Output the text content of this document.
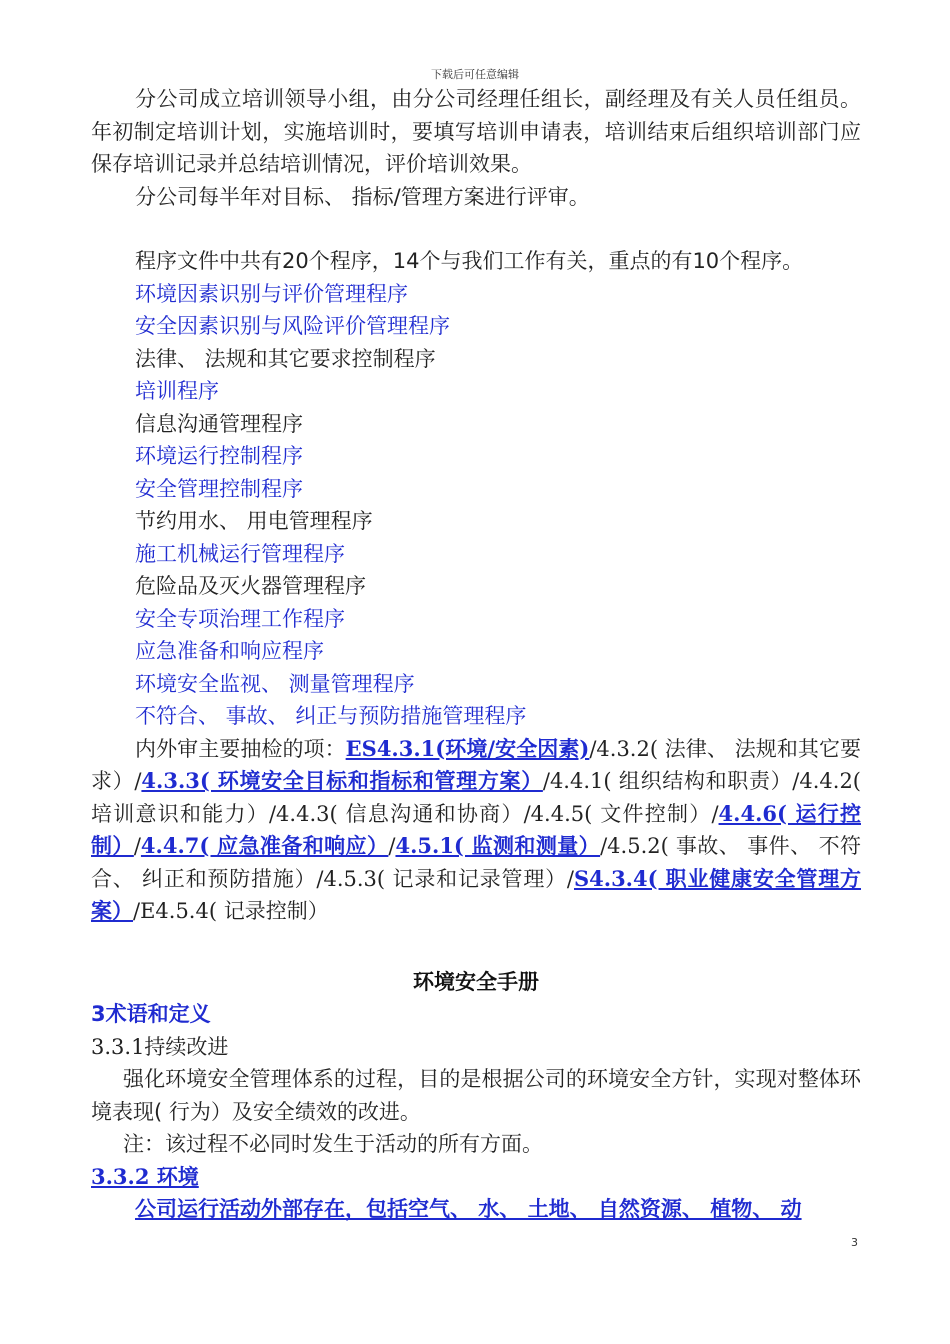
下载后可任意编辑

分公司成立培训领导小组，由分公司经理任组长，副经理及有关人员任组员。年初制定培训计划，实施培训时，要填写培训申请表，培训结束后组织培训部门应保存培训记录并总结培训情况，评价培训效果。

分公司每半年对目标、 指标/管理方案进行评审。

程序文件中共有20个程序，14个与我们工作有关，重点的有10个程序。

环境因素识别与评价管理程序
安全因素识别与风险评价管理程序
法律、 法规和其它要求控制程序
培训程序
信息沟通管理程序
环境运行控制程序
安全管理控制程序
节约用水、 用电管理程序
施工机械运行管理程序
危险品及灭火器管理程序
安全专项治理工作程序
应急准备和响应程序
环境安全监视、 测量管理程序
不符合、 事故、 纠正与预防措施管理程序

内外审主要抽检的项：ES4.3.1(环境/安全因素)/4.3.2( 法律、 法规和其它要求）/4.3.3( 环境安全目标和指标和管理方案）/4.4.1( 组织结构和职责）/4.4.2( 培训意识和能力）/4.4.3( 信息沟通和协商）/4.4.5( 文件控制）/4.4.6( 运行控制）/4.4.7( 应急准备和响应）/4.5.1( 监测和测量）/4.5.2( 事故、 事件、 不符合、 纠正和预防措施）/4.5.3( 记录和记录管理）/S4.3.4( 职业健康安全管理方案）/E4.5.4( 记录控制）

环境安全手册

3术语和定义

3.3.1持续改进

强化环境安全管理体系的过程，目的是根据公司的环境安全方针，实现对整体环境表现( 行为）及安全绩效的改进。

注：该过程不必同时发生于活动的所有方面。

3.3.2 环境

公司运行活动外部存在，包括空气、 水、 土地、 自然资源、 植物、 动

3
